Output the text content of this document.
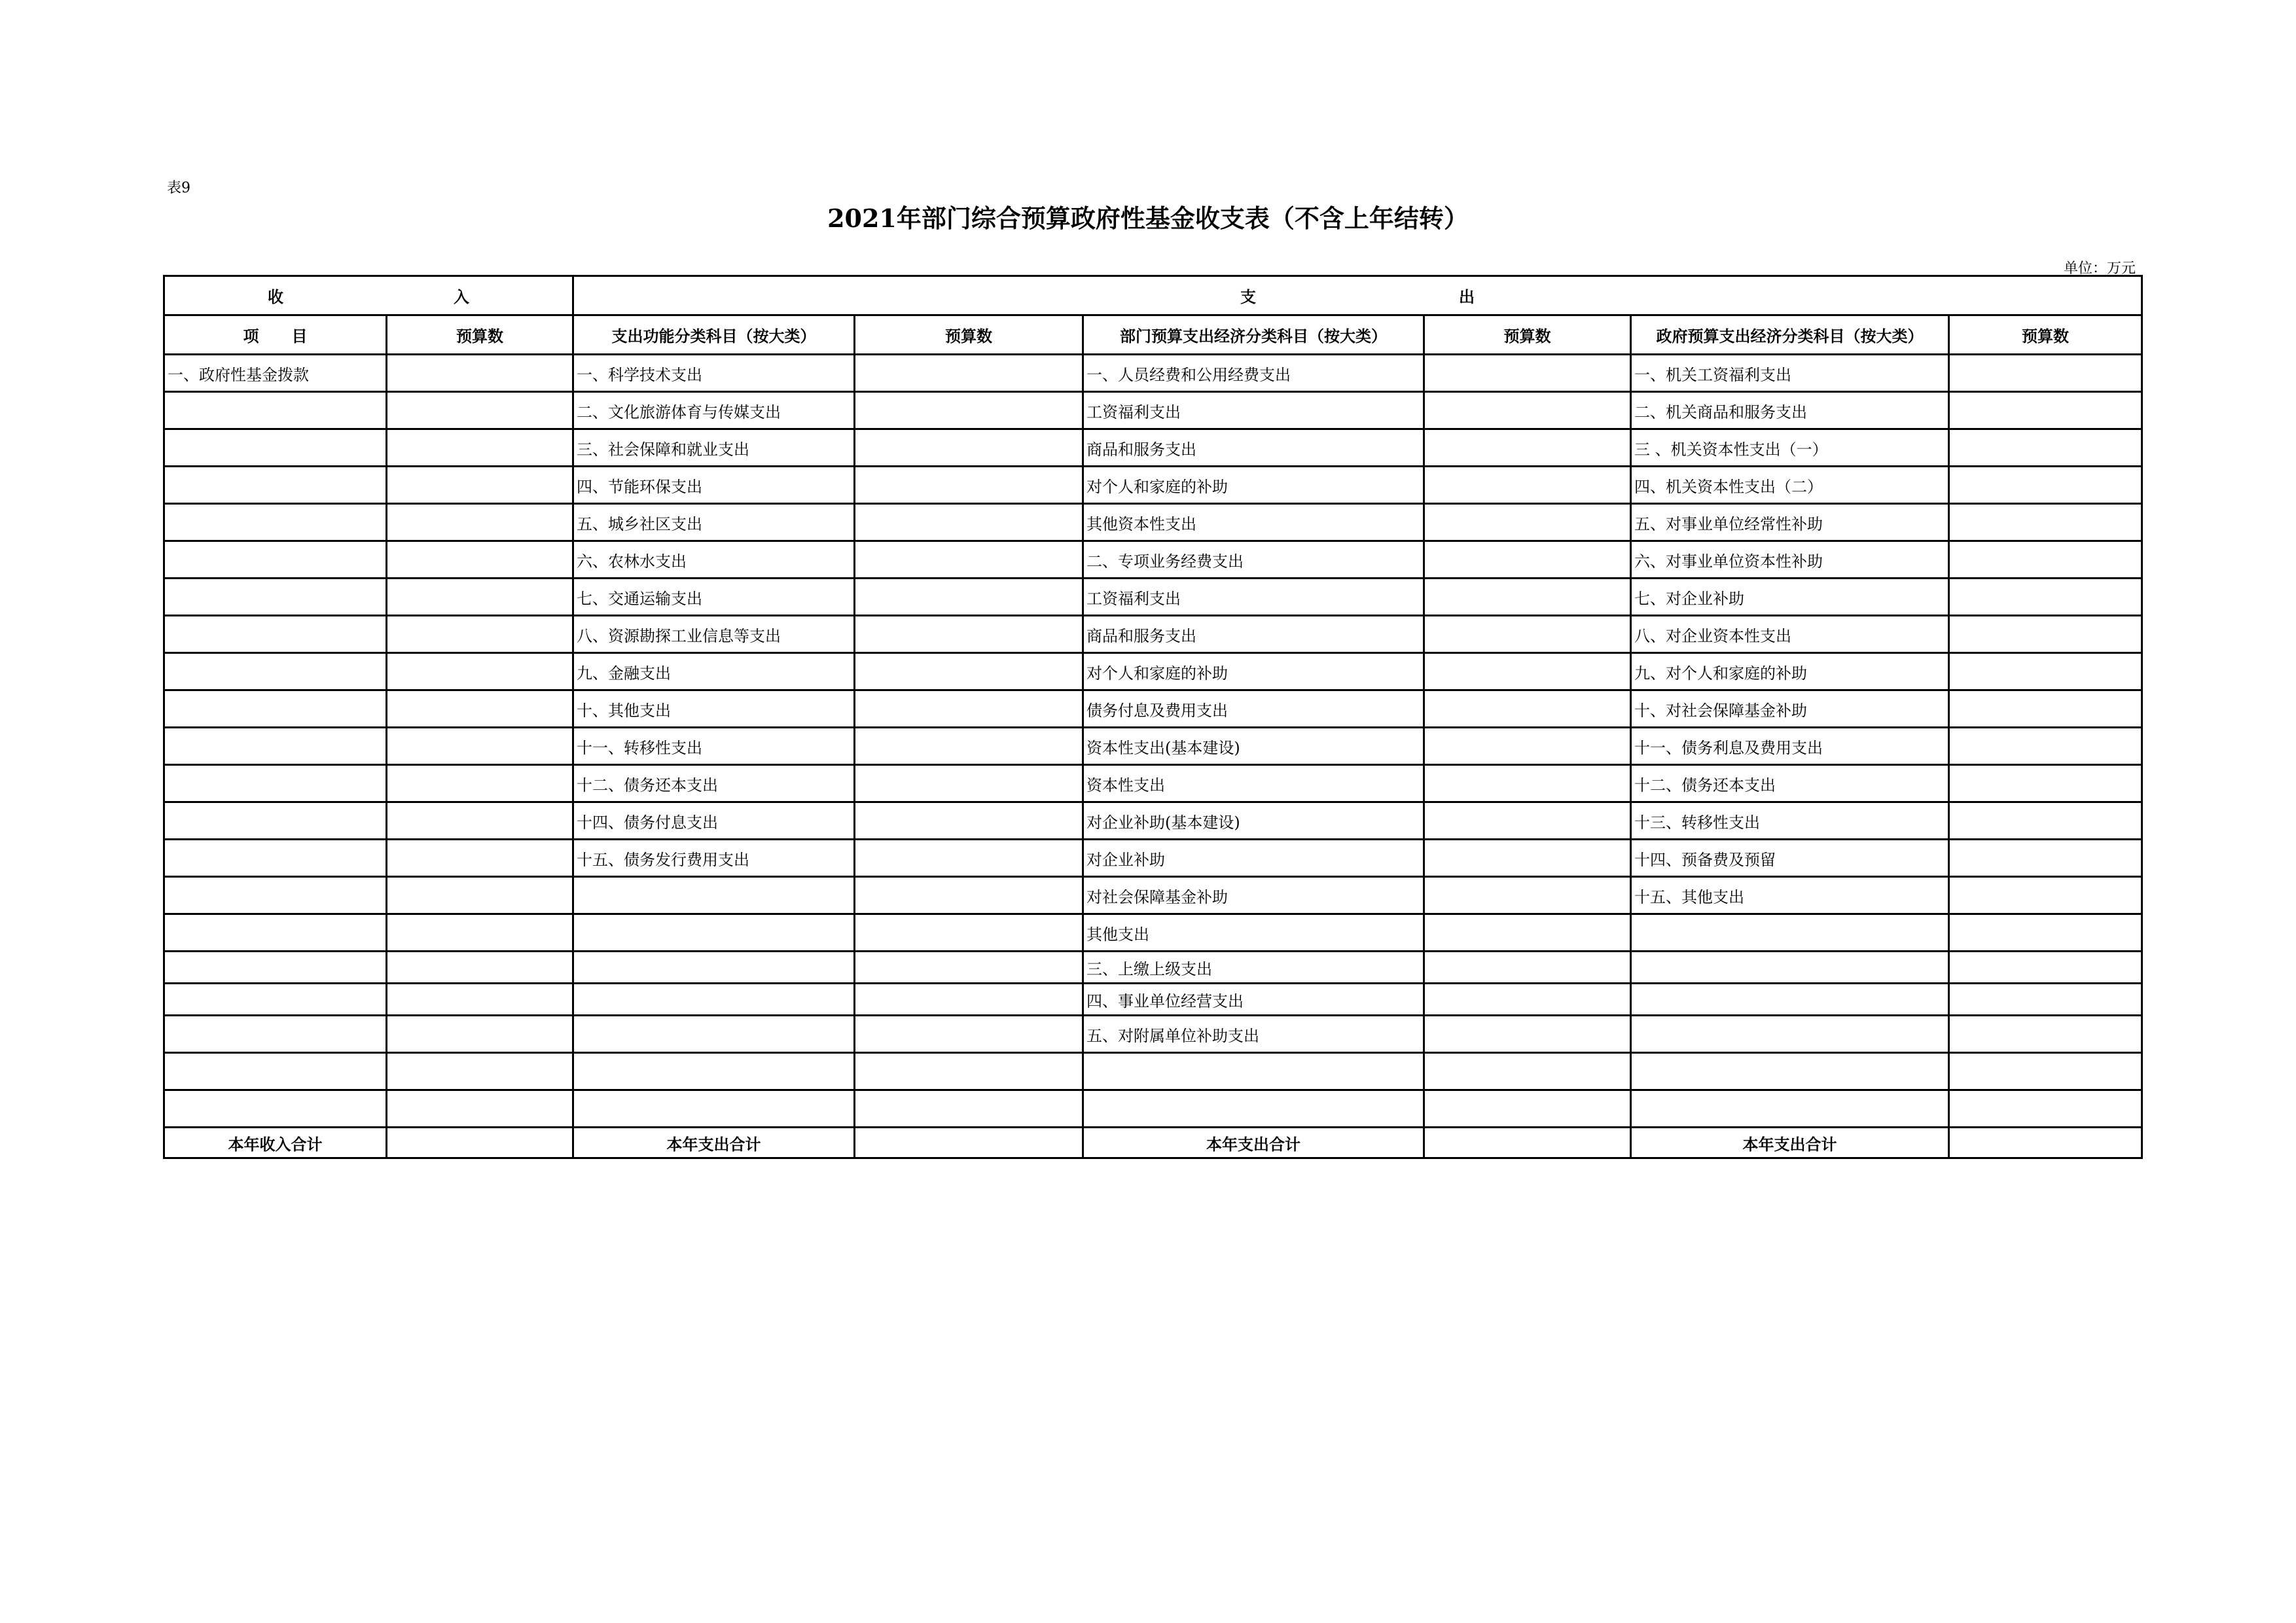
表9
2021年部门综合预算政府性基金收支表（不含上年结转）
单位：万元
收 入		支 出					
项 目	预算数	支出功能分类科目（按大类）	预算数	部门预算支出经济分类科目（按大类）	预算数	政府预算支出经济分类科目（按大类）	预算数
一、政府性基金拨款		一、科学技术支出		一、人员经费和公用经费支出		一、机关工资福利支出	
		二、文化旅游体育与传媒支出		工资福利支出		二、机关商品和服务支出	
		三、社会保障和就业支出		商品和服务支出		三 、机关资本性支出（一）	
		四、节能环保支出		对个人和家庭的补助		四、机关资本性支出（二）	
		五、城乡社区支出		其他资本性支出		五、对事业单位经常性补助	
		六、农林水支出		二、专项业务经费支出		六、对事业单位资本性补助	
		七、交通运输支出		工资福利支出		七、对企业补助	
		八、资源勘探工业信息等支出		商品和服务支出		八、对企业资本性支出	
		九、金融支出		对个人和家庭的补助		九、对个人和家庭的补助	
		十、其他支出		债务付息及费用支出		十、对社会保障基金补助	
		十一、转移性支出		资本性支出(基本建设)		十一、债务利息及费用支出	
		十二、债务还本支出		资本性支出		十二、债务还本支出	
		十四、债务付息支出		对企业补助(基本建设)		十三、转移性支出	
		十五、债务发行费用支出		对企业补助		十四、预备费及预留	
				对社会保障基金补助		十五、其他支出	
				其他支出			
				三、上缴上级支出			
				四、事业单位经营支出			
				五、对附属单位补助支出			

本年收入合计		本年支出合计		本年支出合计		本年支出合计	
